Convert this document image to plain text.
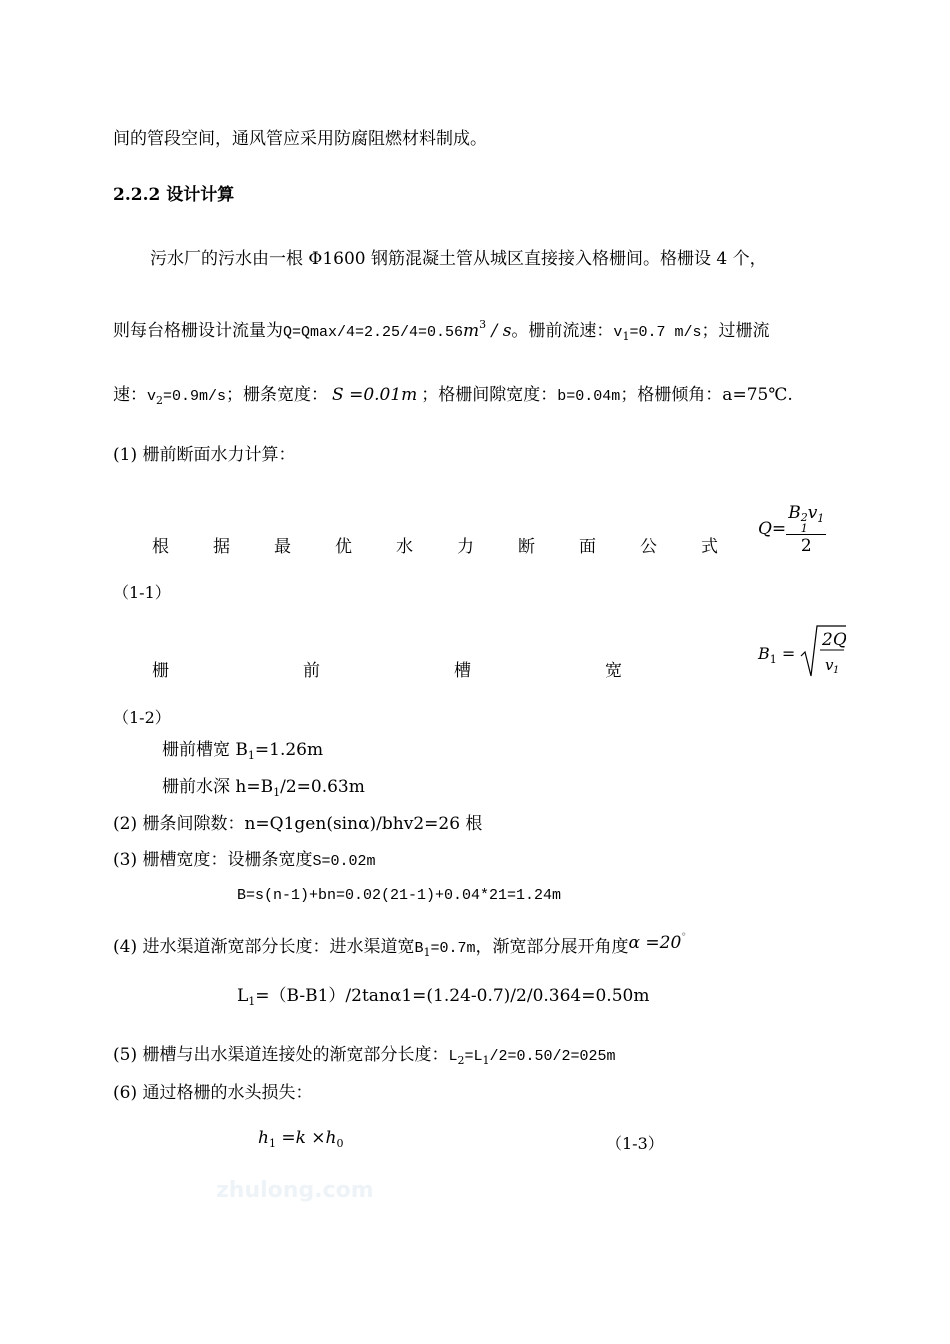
间的管段空间，通风管应采用防腐阻燃材料制成。
2.2.2 设计计算
污水厂的污水由一根 Φ1600 钢筋混凝土管从城区直接接入格栅间。格栅设 4 个，
则每台格栅设计流量为$Q=Qmax/4=2.25/4=0.56m^3 / s$。栅前流速：$v_1=0.7$ m/s；过栅流
速：$v_2=0.9m/s$；栅条宽度： S =0.01m ；格栅间隙宽度：b=0.04m；格栅倾角：a=75℃.
(1) 栅前断面水力计算：
根	据	最	优	水	力	断	面	公	式
Q= B 2
1
$v_1$
2
（1-1）
栅	前	槽	宽
$B_1$ =
2Q
v 1
（1-2）
栅前槽宽 $B_1=1.26m$
栅前水深 $h=B_1/2=0.63m$
(2) 栅条间隙数：n=Q1gen(sinα)/bhv2=26 根
(3) 栅槽宽度：设栅条宽度S=0.02m
B=s(n-1)+bn=0.02(21-1)+0.04*21=1.24m
(4) 进水渠道渐宽部分长度：进水渠道宽$B_1=0.7m$，渐宽部分展开角度α =20°
$L_1=(B-B1)/2\tan\alpha 1=(1.24-0.7)/2/0.364=0.50m$
(5) 栅槽与出水渠道连接处的渐宽部分长度：$L_2=L_1/2=0.50/2=025m$
(6) 通过格栅的水头损失：
$h_1 =k \times h_0$	（1-3）
zhulong.com
